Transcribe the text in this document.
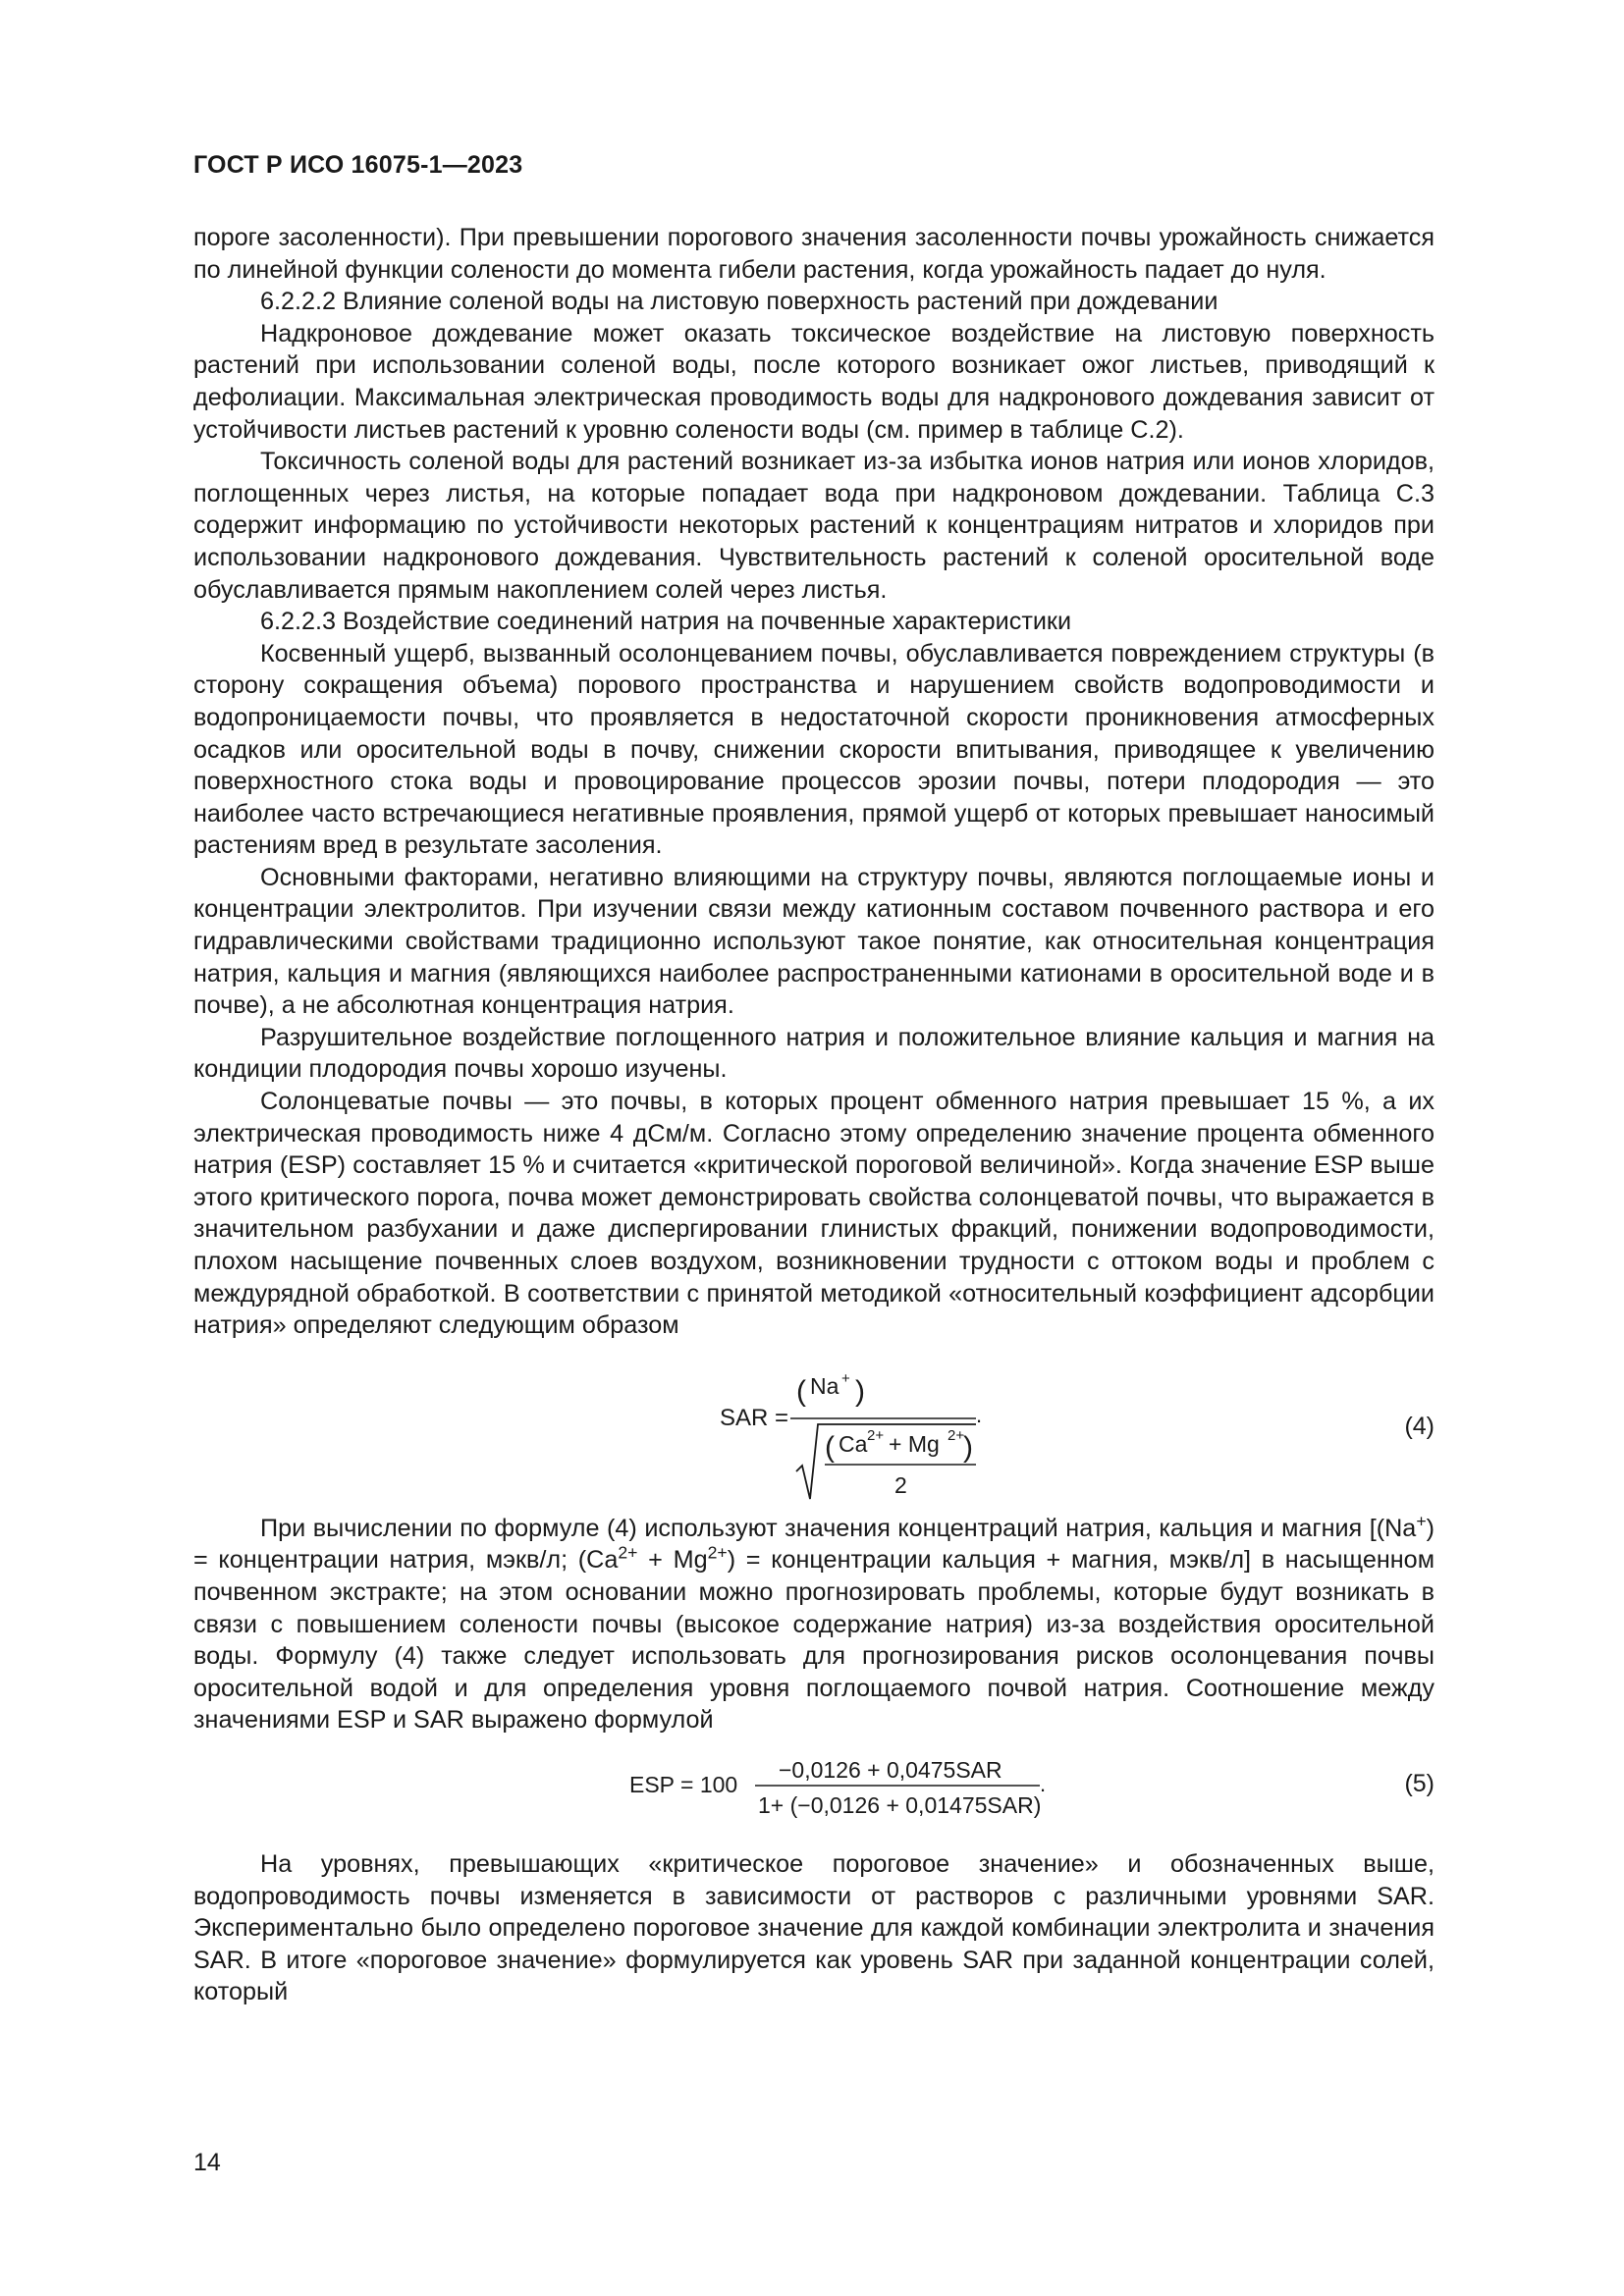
ГОСТ Р ИСО 16075-1—2023

пороге засоленности). При превышении порогового значения засоленности почвы урожайность снижается по линейной функции солености до момента гибели растения, когда урожайность падает до нуля.

6.2.2.2 Влияние соленой воды на листовую поверхность растений при дождевании

Надкроновое дождевание может оказать токсическое воздействие на листовую поверхность растений при использовании соленой воды, после которого возникает ожог листьев, приводящий к дефолиации. Максимальная электрическая проводимость воды для надкронового дождевания зависит от устойчивости листьев растений к уровню солености воды (см. пример в таблице С.2).

Токсичность соленой воды для растений возникает из-за избытка ионов натрия или ионов хлоридов, поглощенных через листья, на которые попадает вода при надкроновом дождевании. Таблица С.3 содержит информацию по устойчивости некоторых растений к концентрациям нитратов и хлоридов при использовании надкронового дождевания. Чувствительность растений к соленой оросительной воде обуславливается прямым накоплением солей через листья.

6.2.2.3 Воздействие соединений натрия на почвенные характеристики

Косвенный ущерб, вызванный осолонцеванием почвы, обуславливается повреждением структуры (в сторону сокращения объема) порового пространства и нарушением свойств водопроводимости и водопроницаемости почвы, что проявляется в недостаточной скорости проникновения атмосферных осадков или оросительной воды в почву, снижении скорости впитывания, приводящее к увеличению поверхностного стока воды и провоцирование процессов эрозии почвы, потери плодородия — это наиболее часто встречающиеся негативные проявления, прямой ущерб от которых превышает наносимый растениям вред в результате засоления.

Основными факторами, негативно влияющими на структуру почвы, являются поглощаемые ионы и концентрации электролитов. При изучении связи между катионным составом почвенного раствора и его гидравлическими свойствами традиционно используют такое понятие, как относительная концентрация натрия, кальция и магния (являющихся наиболее распространенными катионами в оросительной воде и в почве), а не абсолютная концентрация натрия.

Разрушительное воздействие поглощенного натрия и положительное влияние кальция и магния на кондиции плодородия почвы хорошо изучены.

Солонцеватые почвы — это почвы, в которых процент обменного натрия превышает 15 %, а их электрическая проводимость ниже 4 дСм/м. Согласно этому определению значение процента обменного натрия (ESP) составляет 15 % и считается «критической пороговой величиной». Когда значение ESP выше этого критического порога, почва может демонстрировать свойства солонцеватой почвы, что выражается в значительном разбухании и даже диспергировании глинистых фракций, понижении водопроводимости, плохом насыщение почвенных слоев воздухом, возникновении трудности с оттоком воды и проблем с междурядной обработкой. В соответствии с принятой методикой «относительный коэффициент адсорбции натрия» определяют следующим образом

SAR =
( Na + )
.
( Ca 2+ + Mg 2+
)
2
(4)

При вычислении по формуле (4) используют значения концентраций натрия, кальция и магния [(Na+) = концентрации натрия, мэкв/л; $(Ca^{2+} + Mg^{2+})$ = концентрации кальция + магния, мэкв/л] в насыщенном почвенном экстракте; на этом основании можно прогнозировать проблемы, которые будут возникать в связи с повышением солености почвы (высокое содержание натрия) из-за воздействия оросительной воды. Формулу (4) также следует использовать для прогнозирования рисков осолонцевания почвы оросительной водой и для определения уровня поглощаемого почвой натрия. Соотношение между значениями ESP и SAR выражено формулой

ESP = 100
−0,0126 + 0,0475SAR
1+ (−0,0126 + 0,01475SAR)
.	(5)

На уровнях, превышающих «критическое пороговое значение» и обозначенных выше, водопроводимость почвы изменяется в зависимости от растворов с различными уровнями SAR. Экспериментально было определено пороговое значение для каждой комбинации электролита и значения SAR. В итоге «пороговое значение» формулируется как уровень SAR при заданной концентрации солей, который

14
